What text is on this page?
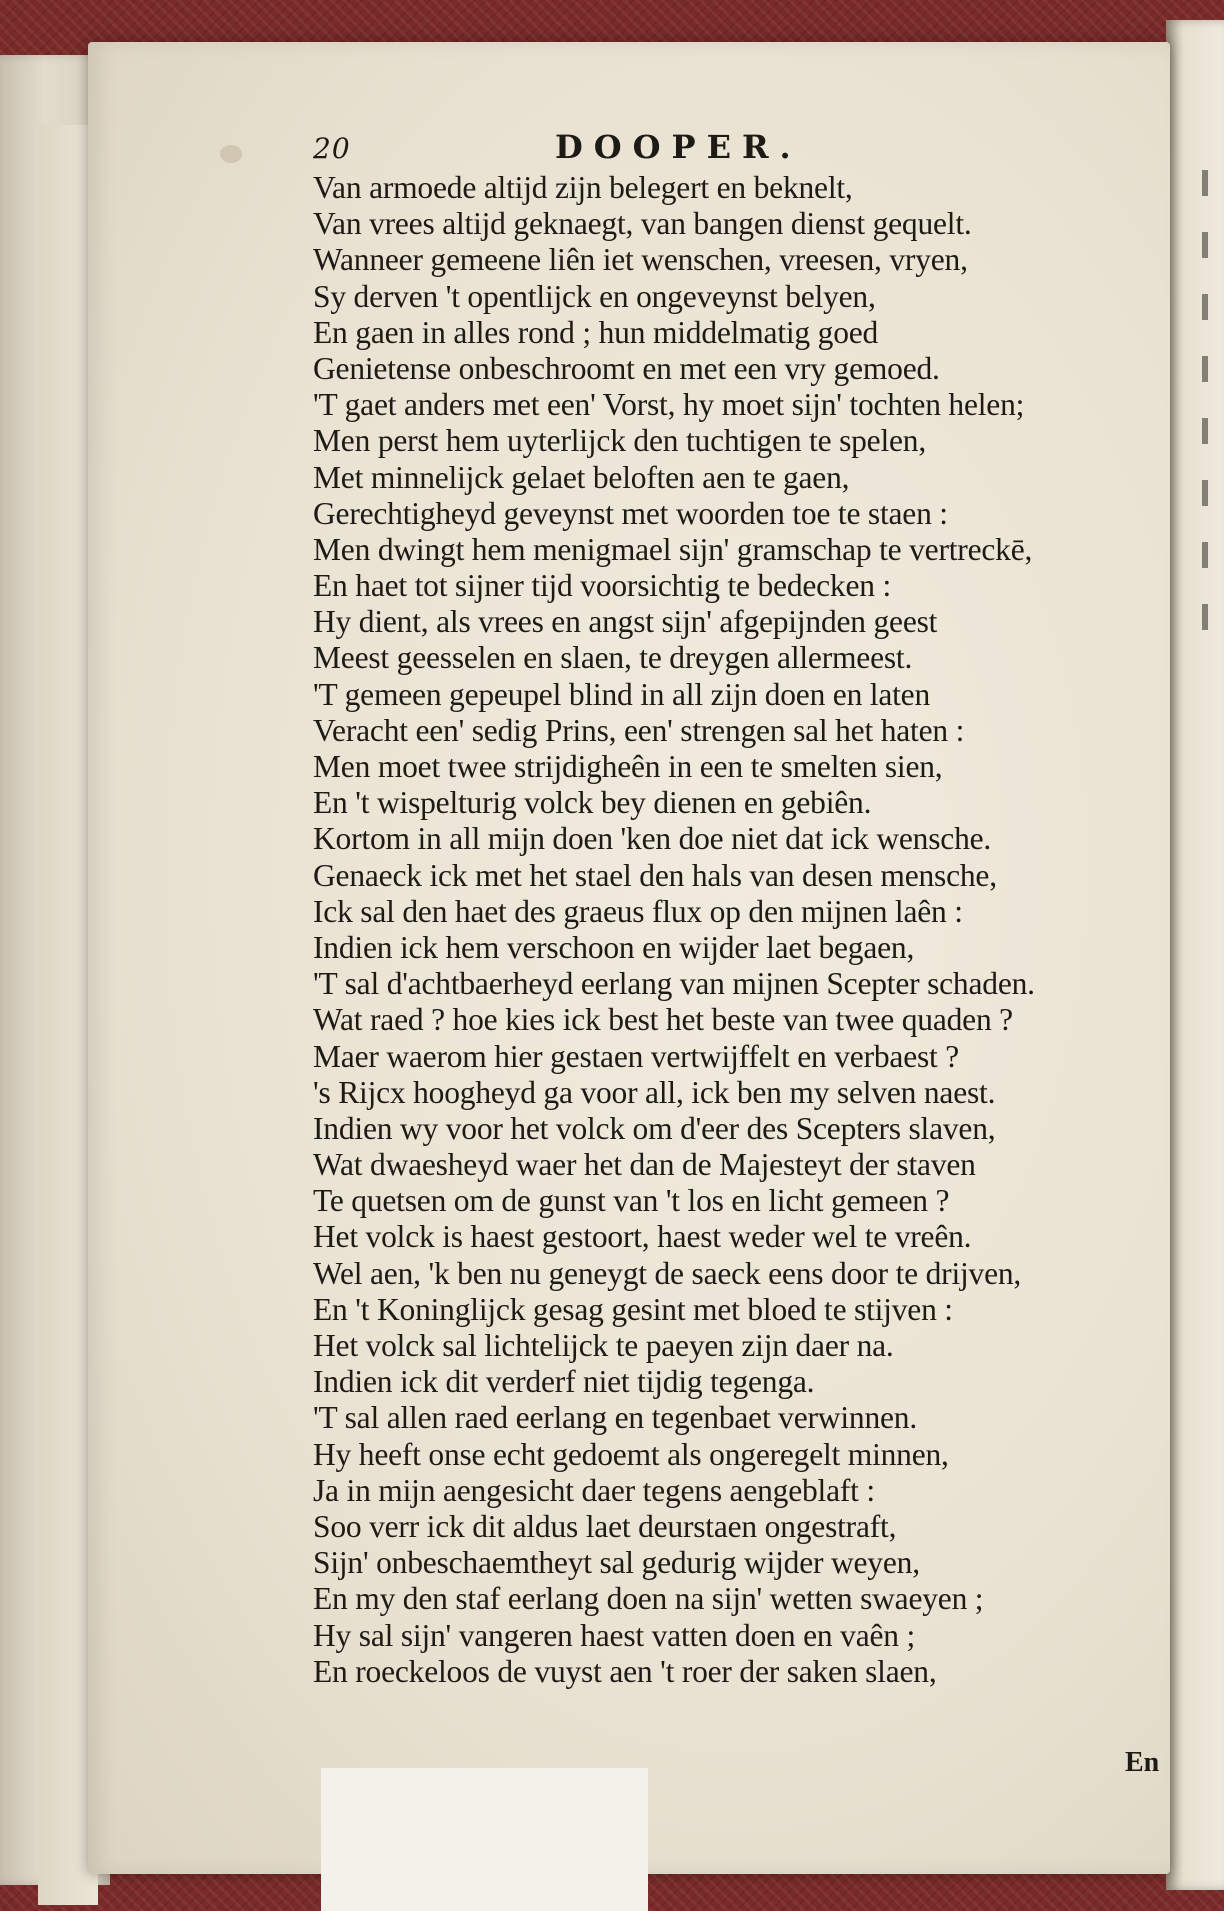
20	DOOPER.
Van armoede altijd zijn belegert en beknelt,
Van vrees altijd geknaegt, van bangen dienst gequelt.
Wanneer gemeene liên iet wenschen, vreesen, vryen,
Sy derven 't opentlijck en ongeveynst belyen,
En gaen in alles rond ; hun middelmatig goed
Genietense onbeschroomt en met een vry gemoed.
'T gaet anders met een' Vorst, hy moet sijn' tochten helen;
Men perst hem uyterlijck den tuchtigen te spelen,
Met minnelijck gelaet beloften aen te gaen,
Gerechtigheyd geveynst met woorden toe te staen :
Men dwingt hem menigmael sijn' gramschap te vertreckē,
En haet tot sijner tijd voorsichtig te bedecken :
Hy dient, als vrees en angst sijn' afgepijnden geest
Meest geesselen en slaen, te dreygen allermeest.
'T gemeen gepeupel blind in all zijn doen en laten
Veracht een' sedig Prins, een' strengen sal het haten :
Men moet twee strijdigheên in een te smelten sien,
En 't wispelturig volck bey dienen en gebiên.
Kortom in all mijn doen 'ken doe niet dat ick wensche.
Genaeck ick met het stael den hals van desen mensche,
Ick sal den haet des graeus flux op den mijnen laên :
Indien ick hem verschoon en wijder laet begaen,
'T sal d'achtbaerheyd eerlang van mijnen Scepter schaden.
Wat raed ? hoe kies ick best het beste van twee quaden ?
Maer waerom hier gestaen vertwijffelt en verbaest ?
's Rijcx hoogheyd ga voor all, ick ben my selven naest.
Indien wy voor het volck om d'eer des Scepters slaven,
Wat dwaesheyd waer het dan de Majesteyt der staven
Te quetsen om de gunst van 't los en licht gemeen ?
Het volck is haest gestoort, haest weder wel te vreên.
Wel aen, 'k ben nu geneygt de saeck eens door te drijven,
En 't Koninglijck gesag gesint met bloed te stijven :
Het volck sal lichtelijck te paeyen zijn daer na.
Indien ick dit verderf niet tijdig tegenga.
'T sal allen raed eerlang en tegenbaet verwinnen.
Hy heeft onse echt gedoemt als ongeregelt minnen,
Ja in mijn aengesicht daer tegens aengeblaft :
Soo verr ick dit aldus laet deurstaen ongestraft,
Sijn' onbeschaemtheyt sal gedurig wijder weyen,
En my den staf eerlang doen na sijn' wetten swaeyen ;
Hy sal sijn' vangeren haest vatten doen en vaên ;
En roeckeloos de vuyst aen 't roer der saken slaen,
En
